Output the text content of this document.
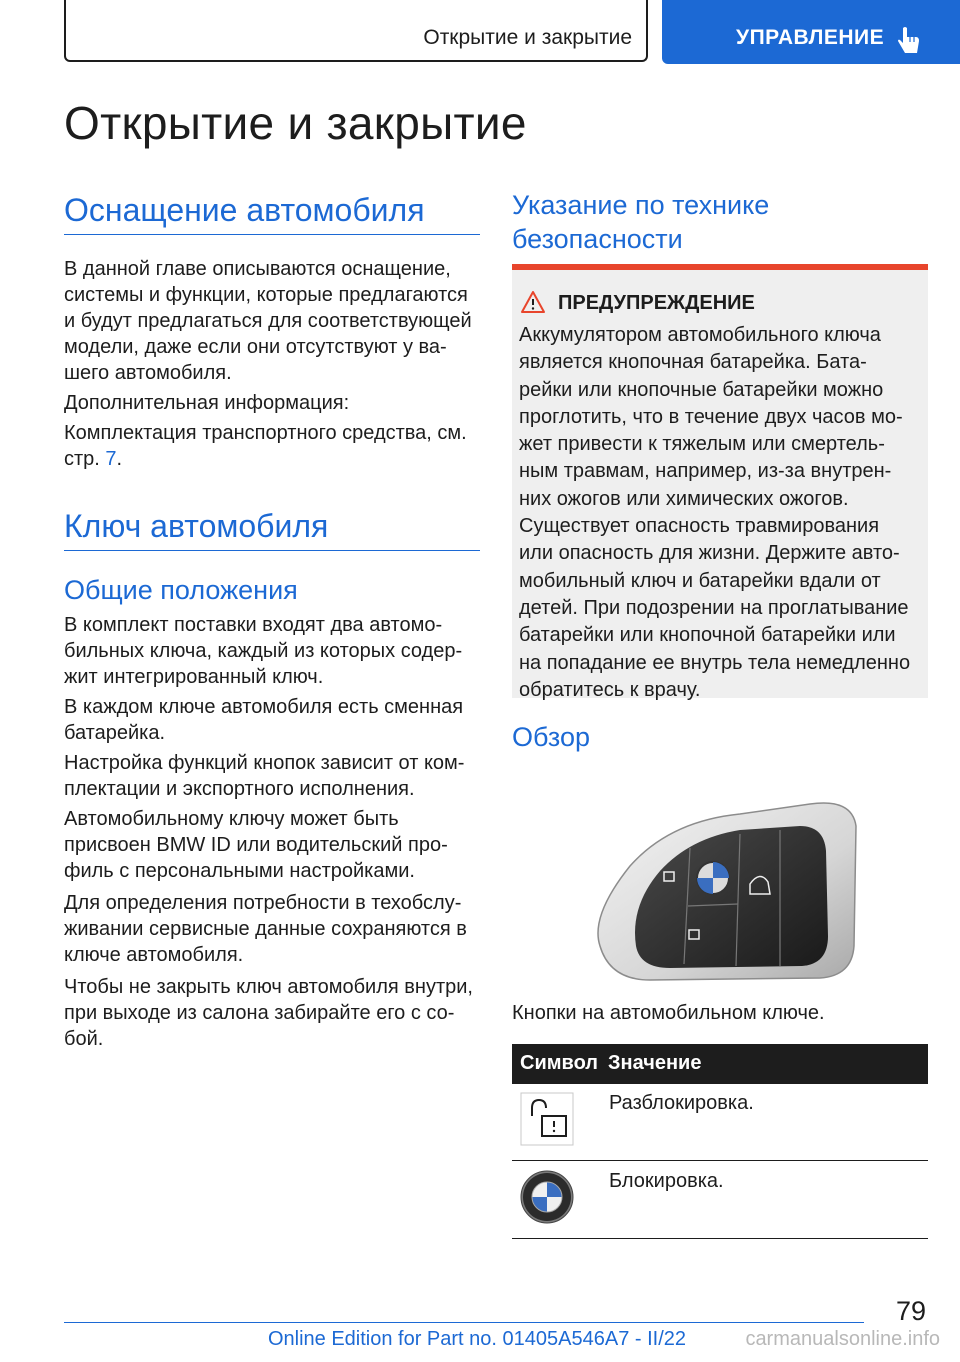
Открытие и закрытие	УПРАВЛЕНИЕ
Открытие и закрытие
Оснащение автомобиля
В данной главе описываются оснащение,
системы и функции, которые предлагаются
и будут предлагаться для соответствующей
модели, даже если они отсутствуют у ва‐
шего автомобиля.
Дополнительная информация:
Комплектация транспортного средства, см.
стр. 7.
Ключ автомобиля
Общие положения
В комплект поставки входят два автомо‐
бильных ключа, каждый из которых содер‐
жит интегрированный ключ.
В каждом ключе автомобиля есть сменная
батарейка.
Настройка функций кнопок зависит от ком‐
плектации и экспортного исполнения.
Автомобильному ключу может быть
присвоен BMW ID или водительский про‐
филь с персональными настройками.
Для определения потребности в техобслу‐
живании сервисные данные сохраняются в
ключе автомобиля.
Чтобы не закрыть ключ автомобиля внутри,
при выходе из салона забирайте его с со‐
бой.
Указание по технике
безопасности
ПРЕДУПРЕЖДЕНИЕ
Аккумулятором автомобильного ключа
является кнопочная батарейка. Бата‐
рейки или кнопочные батарейки можно
проглотить, что в течение двух часов мо‐
жет привести к тяжелым или смертель‐
ным травмам, например, из-за внутрен‐
них ожогов или химических ожогов.
Существует опасность травмирования
или опасность для жизни. Держите авто‐
мобильный ключ и батарейки вдали от
детей. При подозрении на проглатывание
батарейки или кнопочной батарейки или
на попадание ее внутрь тела немедленно
обратитесь к врачу.
Обзор
Кнопки на автомобильном ключе.
Символ Значение
Разблокировка.
Блокировка.
79
Online Edition for Part no. 01405A546A7 - II/22	carmanualsonline.info
